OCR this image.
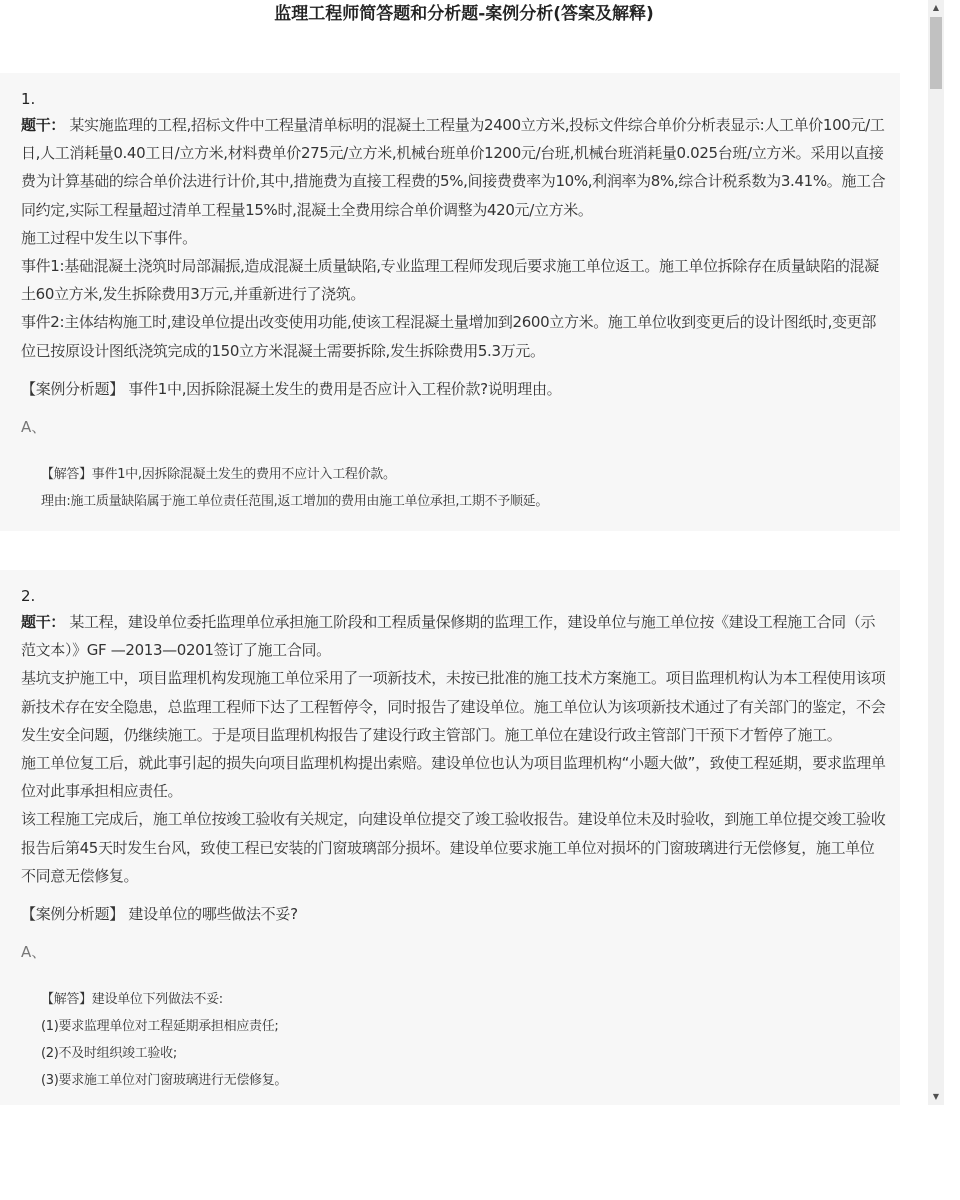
监理工程师简答题和分析题-案例分析(答案及解释)
1.

题干： 某实施监理的工程,招标文件中工程量清单标明的混凝土工程量为2400立方米,投标文件综合单价分析表显示:人工单价100元/工日,人工消耗量0.40工日/立方米,材料费单价275元/立方米,机械台班单价1200元/台班,机械台班消耗量0.025台班/立方米。采用以直接费为计算基础的综合单价法进行计价,其中,措施费为直接工程费的5%,间接费费率为10%,利润率为8%,综合计税系数为3.41%。施工合同约定,实际工程量超过清单工程量15%时,混凝土全费用综合单价调整为420元/立方米。

施工过程中发生以下事件。

事件1:基础混凝土浇筑时局部漏振,造成混凝土质量缺陷,专业监理工程师发现后要求施工单位返工。施工单位拆除存在质量缺陷的混凝土60立方米,发生拆除费用3万元,并重新进行了浇筑。

事件2:主体结构施工时,建设单位提出改变使用功能,使该工程混凝土量增加到2600立方米。施工单位收到变更后的设计图纸时,变更部位已按原设计图纸浇筑完成的150立方米混凝土需要拆除,发生拆除费用5.3万元。

【案例分析题】 事件1中,因拆除混凝土发生的费用是否应计入工程价款?说明理由。
A、

【解答】事件1中,因拆除混凝土发生的费用不应计入工程价款。

理由:施工质量缺陷属于施工单位责任范围,返工增加的费用由施工单位承担,工期不予顺延。

2.

题干： 某工程，建设单位委托监理单位承担施工阶段和工程质量保修期的监理工作，建设单位与施工单位按《建设工程施工合同（示范文本）》GF —2013—0201签订了施工合同。

基坑支护施工中，项目监理机构发现施工单位采用了一项新技术，未按已批准的施工技术方案施工。项目监理机构认为本工程使用该项新技术存在安全隐患，总监理工程师下达了工程暂停令，同时报告了建设单位。施工单位认为该项新技术通过了有关部门的鉴定，不会发生安全问题，仍继续施工。于是项目监理机构报告了建设行政主管部门。施工单位在建设行政主管部门干预下才暂停了施工。

施工单位复工后，就此事引起的损失向项目监理机构提出索赔。建设单位也认为项目监理机构“小题大做”，致使工程延期，要求监理单位对此事承担相应责任。

该工程施工完成后，施工单位按竣工验收有关规定，向建设单位提交了竣工验收报告。建设单位未及时验收，到施工单位提交竣工验收报告后第45天时发生台风，致使工程已安装的门窗玻璃部分损坏。建设单位要求施工单位对损坏的门窗玻璃进行无偿修复，施工单位不同意无偿修复。

【案例分析题】 建设单位的哪些做法不妥?
A、

【解答】建设单位下列做法不妥:

(1)要求监理单位对工程延期承担相应责任;

(2)不及时组织竣工验收;

(3)要求施工单位对门窗玻璃进行无偿修复。

▲
▼
